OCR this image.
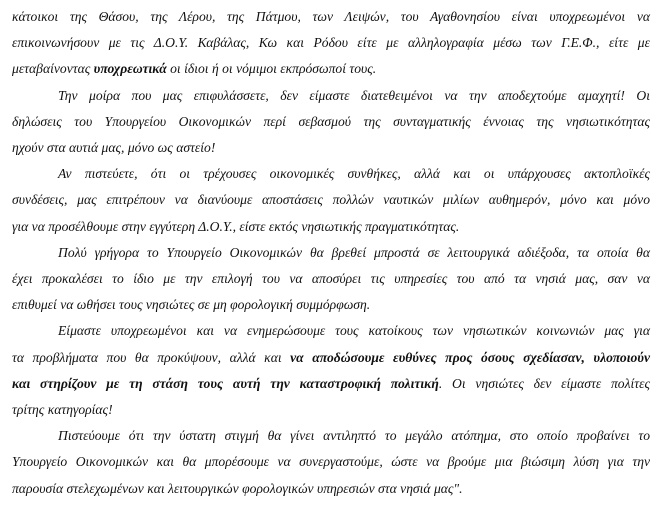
κάτοικοι της Θάσου, της Λέρου, της Πάτμου, των Λειψών, του Αγαθονησίου είναι υποχρεωμένοι να
επικοινωνήσουν με τις Δ.Ο.Υ. Καβάλας, Κω και Ρόδου είτε με αλληλογραφία μέσω των Γ.Ε.Φ., είτε με
μεταβαίνοντας υποχρεωτικά οι ίδιοι ή οι νόμιμοι εκπρόσωποί τους.
Την μοίρα που μας επιφυλάσσετε, δεν είμαστε διατεθειμένοι να την αποδεχτούμε αμαχητί! Οι
δηλώσεις του Υπουργείου Οικονομικών περί σεβασμού της συνταγματικής έννοιας της νησιωτικότητας
ηχούν στα αυτιά μας, μόνο ως αστείο!
Αν πιστεύετε, ότι οι τρέχουσες οικονομικές συνθήκες, αλλά και οι υπάρχουσες ακτοπλοϊκές
συνδέσεις, μας επιτρέπουν να διανύουμε αποστάσεις πολλών ναυτικών μιλίων αυθημερόν, μόνο και μόνο
για να προσέλθουμε στην εγγύτερη Δ.Ο.Υ., είστε εκτός νησιωτικής πραγματικότητας.
Πολύ γρήγορα το Υπουργείο Οικονομικών θα βρεθεί μπροστά σε λειτουργικά αδιέξοδα, τα οποία θα
έχει προκαλέσει το ίδιο με την επιλογή του να αποσύρει τις υπηρεσίες του από τα νησιά μας, σαν να
επιθυμεί να ωθήσει τους νησιώτες σε μη φορολογική συμμόρφωση.
Είμαστε υποχρεωμένοι και να ενημερώσουμε τους κατοίκους των νησιωτικών κοινωνιών μας για
τα προβλήματα που θα προκύψουν, αλλά και να αποδώσουμε ευθύνες προς όσους σχεδίασαν, υλοποιούν
και στηρίζουν με τη στάση τους αυτή την καταστροφική πολιτική. Οι νησιώτες δεν είμαστε πολίτες
τρίτης κατηγορίας!
Πιστεύουμε ότι την ύστατη στιγμή θα γίνει αντιληπτό το μεγάλο ατόπημα, στο οποίο προβαίνει το
Υπουργείο Οικονομικών και θα μπορέσουμε να συνεργαστούμε, ώστε να βρούμε μια βιώσιμη λύση για την
παρουσία στελεχωμένων και λειτουργικών φορολογικών υπηρεσιών στα νησιά μας".
